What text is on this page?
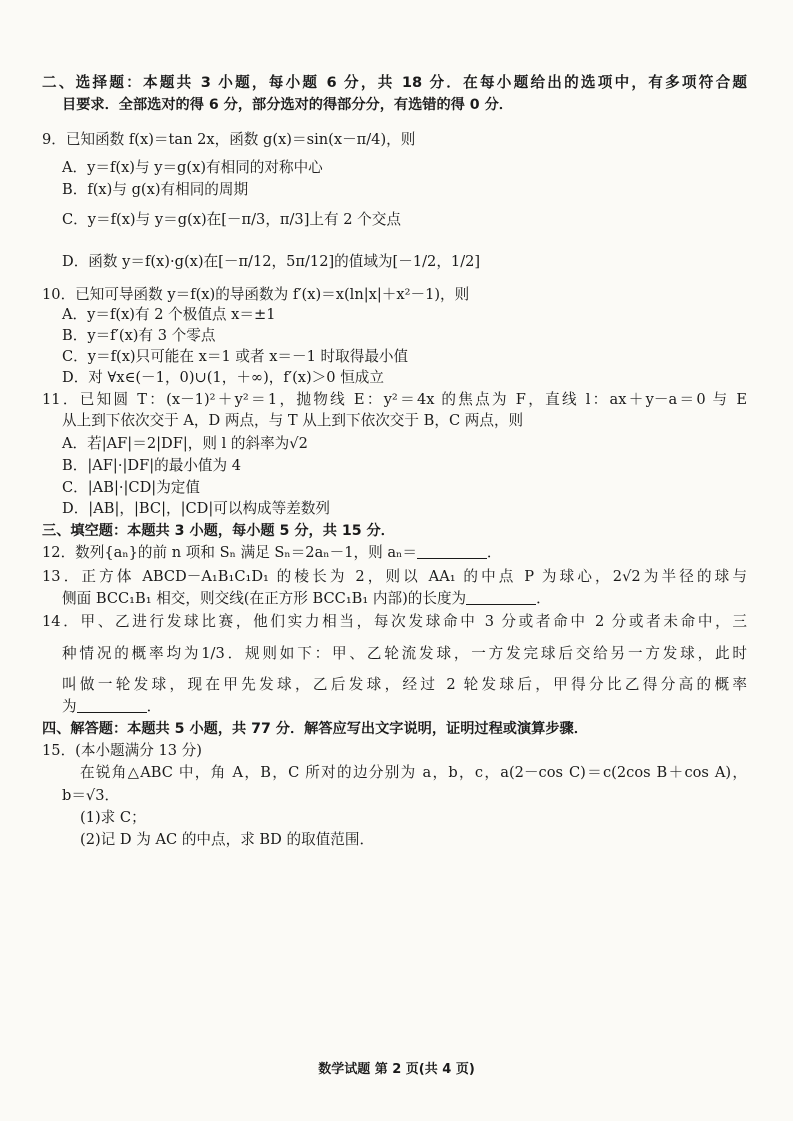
二、选择题：本题共 3 小题，每小题 6 分，共 18 分．在每小题给出的选项中，有多项符合题
目要求．全部选对的得 6 分，部分选对的得部分分，有选错的得 0 分．
9．已知函数 f(x)＝tan 2x，函数 g(x)＝sin(x－π/4)，则
A．y＝f(x)与 y＝g(x)有相同的对称中心
B．f(x)与 g(x)有相同的周期
C．y＝f(x)与 y＝g(x)在[－π/3，π/3]上有 2 个交点
D．函数 y＝f(x)·g(x)在[－π/12，5π/12]的值域为[－1/2，1/2]
10．已知可导函数 y＝f(x)的导函数为 f′(x)＝x(ln|x|＋x²－1)，则
A．y＝f(x)有 2 个极值点 x＝±1
B．y＝f′(x)有 3 个零点
C．y＝f(x)只可能在 x＝1 或者 x＝－1 时取得最小值
D．对 ∀x∈(－1，0)∪(1，＋∞)，f′(x)＞0 恒成立
11．已知圆 T：(x－1)²＋y²＝1，抛物线 E：y²＝4x 的焦点为 F，直线 l：ax＋y－a＝0 与 E
从上到下依次交于 A，D 两点，与 T 从上到下依次交于 B，C 两点，则
A．若|AF|＝2|DF|，则 l 的斜率为√2
B．|AF|·|DF|的最小值为 4
C．|AB|·|CD|为定值
D．|AB|，|BC|，|CD|可以构成等差数列
三、填空题：本题共 3 小题，每小题 5 分，共 15 分．
12．数列{aₙ}的前 n 项和 Sₙ 满足 Sₙ＝2aₙ－1，则 aₙ＝	．
13．正方体 ABCD－A₁B₁C₁D₁ 的棱长为 2，则以 AA₁ 的中点 P 为球心，2√2为半径的球与
侧面 BCC₁B₁ 相交，则交线(在正方形 BCC₁B₁ 内部)的长度为	．
14．甲、乙进行发球比赛，他们实力相当，每次发球命中 3 分或者命中 2 分或者未命中，三
种情况的概率均为1/3．规则如下：甲、乙轮流发球，一方发完球后交给另一方发球，此时
叫做一轮发球，现在甲先发球，乙后发球，经过 2 轮发球后，甲得分比乙得分高的概率
为	．
四、解答题：本题共 5 小题，共 77 分．解答应写出文字说明，证明过程或演算步骤．
15．(本小题满分 13 分)
在锐角△ABC 中，角 A，B，C 所对的边分别为 a，b，c，a(2－cos C)＝c(2cos B＋cos A)，
b＝√3．
(1)求 C；
(2)记 D 为 AC 的中点，求 BD 的取值范围．
数学试题 第 2 页(共 4 页)
